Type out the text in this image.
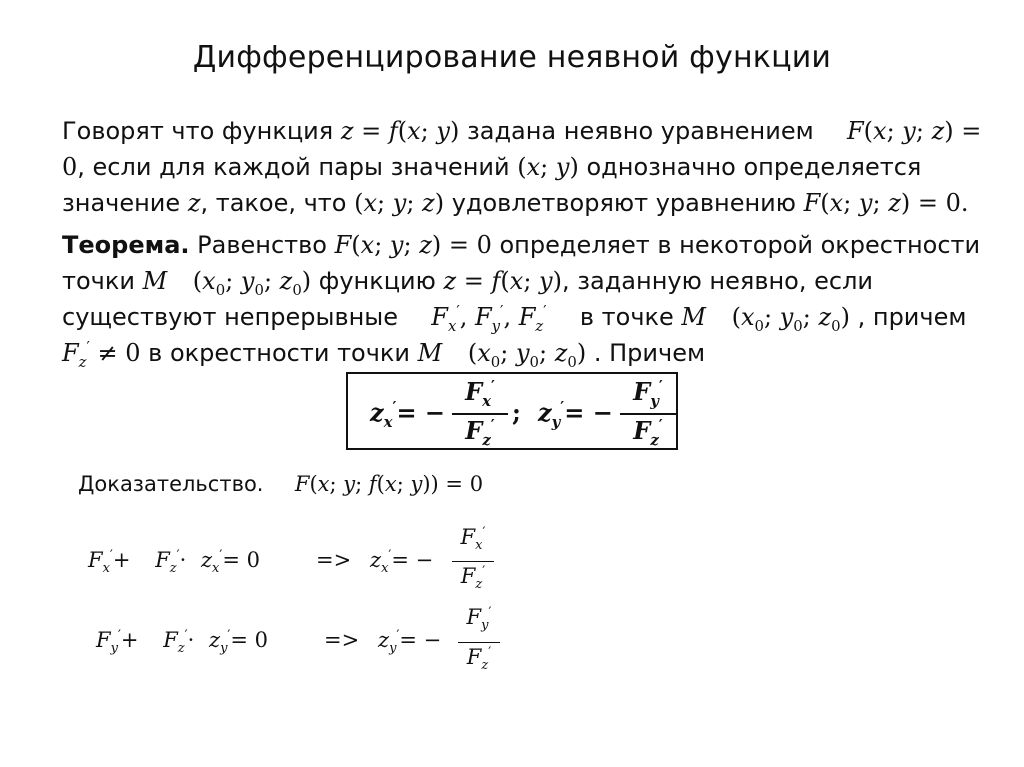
Дифференцирование неявной функции
Говорят что функция z = f(x; y) задана неявно уравнением F(x; y; z) =
0, если для каждой пары значений (x; y) однозначно определяется
значение z, такое, что (x; y; z) удовлетворяют уравнению F(x; y; z) = 0.
Теорема. Равенство F(x; y; z) = 0 определяет в некоторой окрестности
точки M ($x_0$; $y_0$; $z_0$) функцию z = f(x; y), заданную неявно, если
существуют непрерывные $F_x'$, $F_y'$, $F_z'$ в точке M ($x_0$; $y_0$; $z_0$) , причем
$F_z' \ne 0$ в окрестности точки M ($x_0$; $y_0$; $z_0$) . Причем
$z_x'=$ −
$F_x'$
$F_z'$ ; $z_y'=$ −
$F_y'$
$F_z'$
Доказательство. F(x; y; f(x; y)) = 0
$F_x'+ F_z'\cdot z_x'= 0$	=> $z_x'=$ −
$F_x'$
$F_z'$
$F_y'+ F_z'\cdot z_y'= 0$	=> $z_y'=$ −
$F_y'$
$F_z'$
